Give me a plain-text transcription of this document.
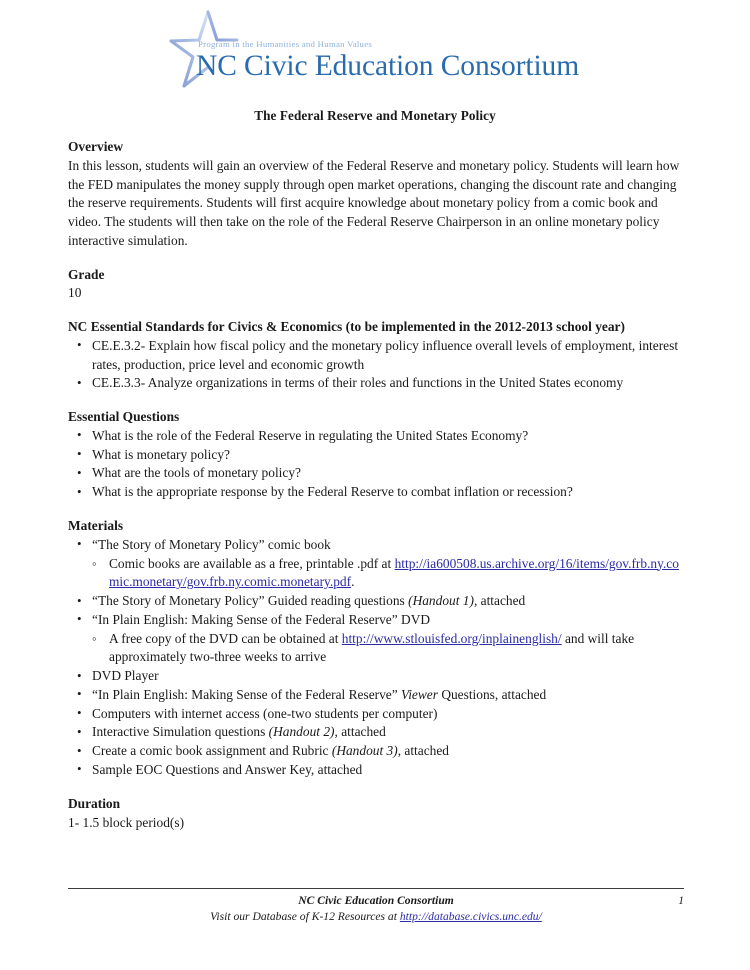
Program in the Humanities and Human Values
NC Civic Education Consortium
The Federal Reserve and Monetary Policy
Overview

In this lesson, students will gain an overview of the Federal Reserve and monetary policy. Students will learn how the FED manipulates the money supply through open market operations, changing the discount rate and changing the reserve requirements. Students will first acquire knowledge about monetary policy from a comic book and video. The students will then take on the role of the Federal Reserve Chairperson in an online monetary policy interactive simulation.

Grade

10

NC Essential Standards for Civics & Economics (to be implemented in the 2012-2013 school year)
• CE.E.3.2- Explain how fiscal policy and the monetary policy influence overall levels of employment, interest rates, production, price level and economic growth
• CE.E.3.3- Analyze organizations in terms of their roles and functions in the United States economy
Essential Questions
• What is the role of the Federal Reserve in regulating the United States Economy?
• What is monetary policy?
• What are the tools of monetary policy?
• What is the appropriate response by the Federal Reserve to combat inflation or recession?
Materials
• “The Story of Monetary Policy” comic book
◦ Comic books are available as a free, printable .pdf at http://ia600508.us.archive.org/16/items/gov.frb.ny.comic.monetary/gov.frb.ny.comic.monetary.pdf.
• “The Story of Monetary Policy” Guided reading questions (Handout 1), attached
• “In Plain English: Making Sense of the Federal Reserve” DVD
◦ A free copy of the DVD can be obtained at http://www.stlouisfed.org/inplainenglish/ and will take approximately two-three weeks to arrive
• DVD Player
• “In Plain English: Making Sense of the Federal Reserve” Viewer Questions, attached
• Computers with internet access (one-two students per computer)
• Interactive Simulation questions (Handout 2), attached
• Create a comic book assignment and Rubric (Handout 3), attached
• Sample EOC Questions and Answer Key, attached
Duration

1- 1.5 block period(s)

NC Civic Education Consortium
Visit our Database of K-12 Resources at http://database.civics.unc.edu/
1
